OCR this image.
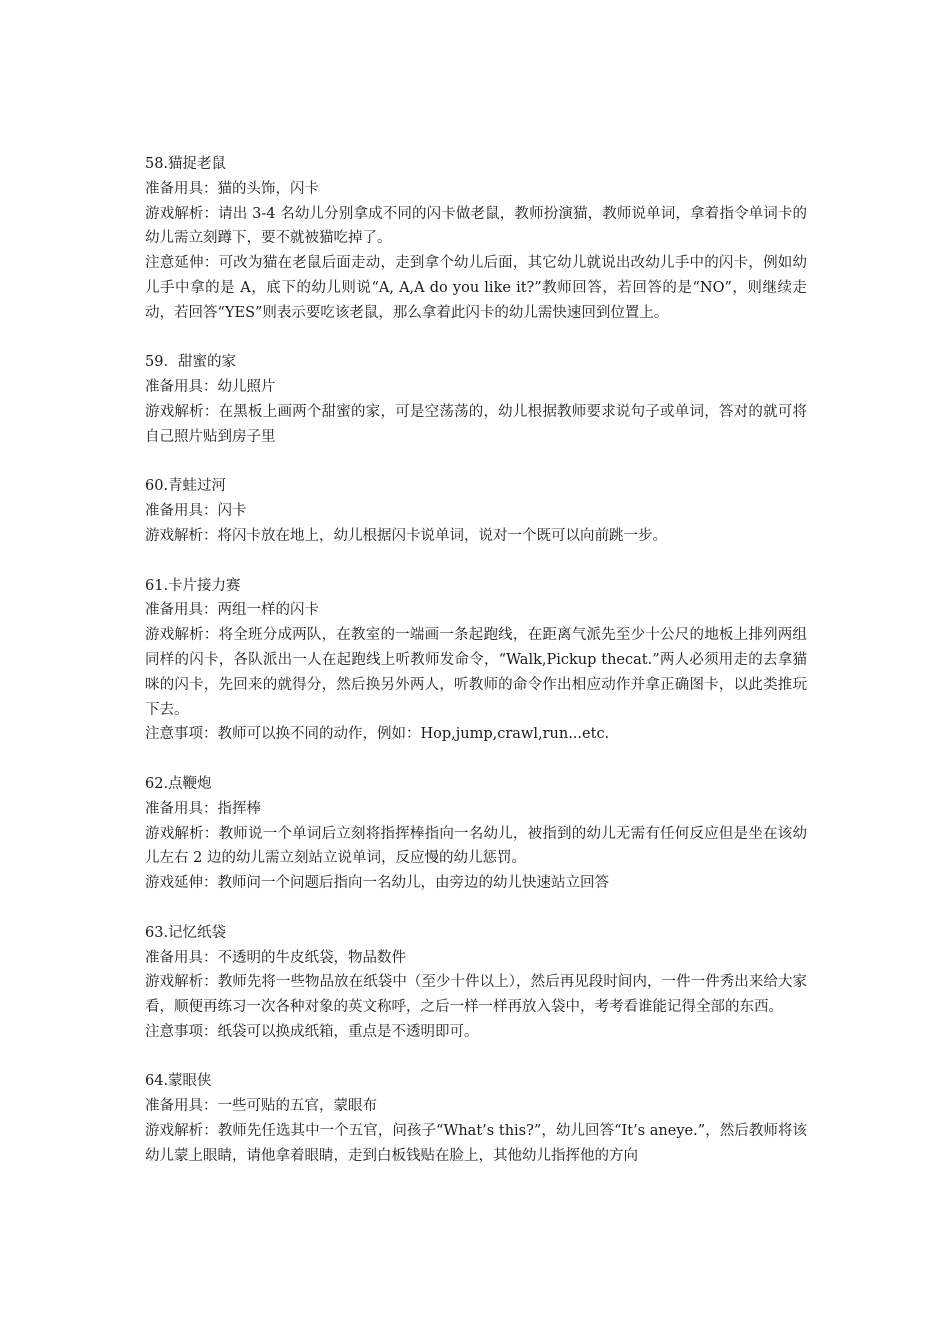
58.猫捉老鼠

准备用具：猫的头饰，闪卡

游戏解析：请出 3-4 名幼儿分别拿成不同的闪卡做老鼠，教师扮演猫，教师说单词，拿着指令单词卡的幼儿需立刻蹲下，要不就被猫吃掉了。

注意延伸：可改为猫在老鼠后面走动，走到拿个幼儿后面，其它幼儿就说出改幼儿手中的闪卡，例如幼儿手中拿的是 A，底下的幼儿则说“A, A,A do you like it?”教师回答，若回答的是“NO”，则继续走动，若回答“YES”则表示要吃该老鼠，那么拿着此闪卡的幼儿需快速回到位置上。

59．甜蜜的家

准备用具：幼儿照片

游戏解析：在黑板上画两个甜蜜的家，可是空荡荡的，幼儿根据教师要求说句子或单词，答对的就可将自己照片贴到房子里

60.青蛙过河

准备用具：闪卡

游戏解析：将闪卡放在地上，幼儿根据闪卡说单词，说对一个既可以向前跳一步。

61.卡片接力赛

准备用具：两组一样的闪卡

游戏解析：将全班分成两队，在教室的一端画一条起跑线，在距离气派先至少十公尺的地板上排列两组同样的闪卡，各队派出一人在起跑线上听教师发命令，“Walk,Pickup thecat.”两人必须用走的去拿猫咪的闪卡，先回来的就得分，然后换另外两人，听教师的命令作出相应动作并拿正确图卡，以此类推玩下去。

注意事项：教师可以换不同的动作，例如：Hop,jump,crawl,run...etc.

62.点鞭炮

准备用具：指挥棒

游戏解析：教师说一个单词后立刻将指挥棒指向一名幼儿，被指到的幼儿无需有任何反应但是坐在该幼儿左右 2 边的幼儿需立刻站立说单词，反应慢的幼儿惩罚。

游戏延伸：教师问一个问题后指向一名幼儿，由旁边的幼儿快速站立回答

63.记忆纸袋

准备用具：不透明的牛皮纸袋，物品数件

游戏解析：教师先将一些物品放在纸袋中（至少十件以上），然后再见段时间内，一件一件秀出来给大家看，顺便再练习一次各种对象的英文称呼，之后一样一样再放入袋中，考考看谁能记得全部的东西。

注意事项：纸袋可以换成纸箱，重点是不透明即可。

64.蒙眼侠

准备用具：一些可贴的五官，蒙眼布

游戏解析：教师先任选其中一个五官，问孩子“What’s this?”，幼儿回答“It’s aneye.”，然后教师将该幼儿蒙上眼睛，请他拿着眼睛，走到白板钱贴在脸上，其他幼儿指挥他的方向
